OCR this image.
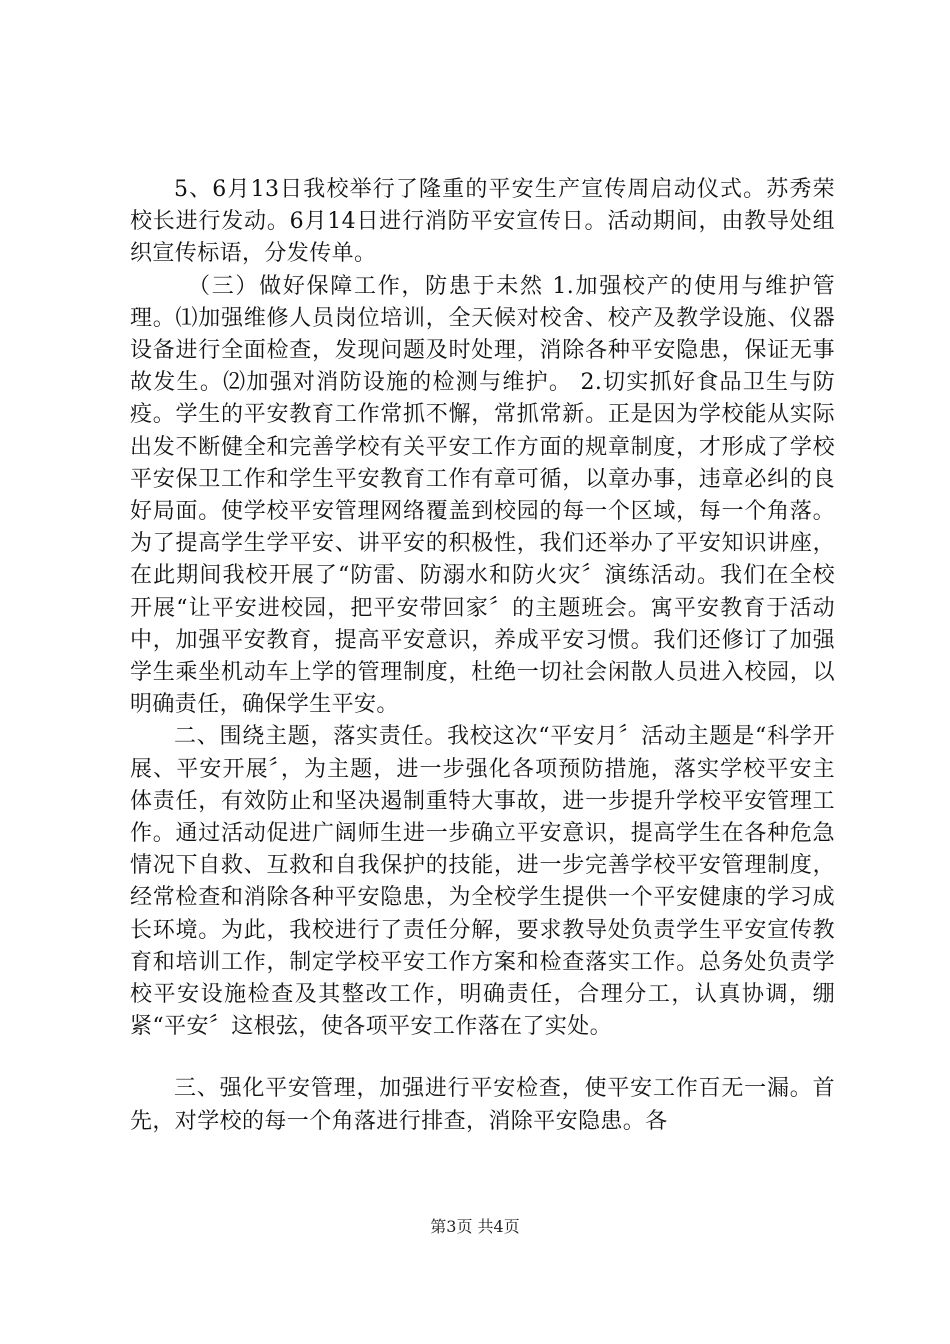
5、6月13日我校举行了隆重的平安生产宣传周启动仪式。苏秀荣校长进行发动。6月14日进行消防平安宣传日。活动期间，由教导处组织宣传标语，分发传单。

（三）做好保障工作，防患于未然 1.加强校产的使用与维护管理。⑴加强维修人员岗位培训，全天候对校舍、校产及教学设施、仪器设备进行全面检查，发现问题及时处理，消除各种平安隐患，保证无事故发生。⑵加强对消防设施的检测与维护。 2.切实抓好食品卫生与防疫。学生的平安教育工作常抓不懈，常抓常新。正是因为学校能从实际出发不断健全和完善学校有关平安工作方面的规章制度，才形成了学校平安保卫工作和学生平安教育工作有章可循，以章办事，违章必纠的良好局面。使学校平安管理网络覆盖到校园的每一个区域，每一个角落。为了提高学生学平安、讲平安的积极性，我们还举办了平安知识讲座，在此期间我校开展了“防雷、防溺水和防火灾〞演练活动。我们在全校开展“让平安进校园，把平安带回家〞的主题班会。寓平安教育于活动中，加强平安教育，提高平安意识，养成平安习惯。我们还修订了加强学生乘坐机动车上学的管理制度，杜绝一切社会闲散人员进入校园，以明确责任，确保学生平安。

二、围绕主题，落实责任。我校这次“平安月〞活动主题是“科学开展、平安开展〞，为主题，进一步强化各项预防措施，落实学校平安主体责任，有效防止和坚决遏制重特大事故，进一步提升学校平安管理工作。通过活动促进广阔师生进一步确立平安意识，提高学生在各种危急情况下自救、互救和自我保护的技能，进一步完善学校平安管理制度，经常检查和消除各种平安隐患，为全校学生提供一个平安健康的学习成长环境。为此，我校进行了责任分解，要求教导处负责学生平安宣传教育和培训工作，制定学校平安工作方案和检查落实工作。总务处负责学校平安设施检查及其整改工作，明确责任，合理分工，认真协调，绷紧“平安〞这根弦，使各项平安工作落在了实处。

三、强化平安管理，加强进行平安检查，使平安工作百无一漏。首先，对学校的每一个角落进行排查，消除平安隐患。各

第3页 共4页
